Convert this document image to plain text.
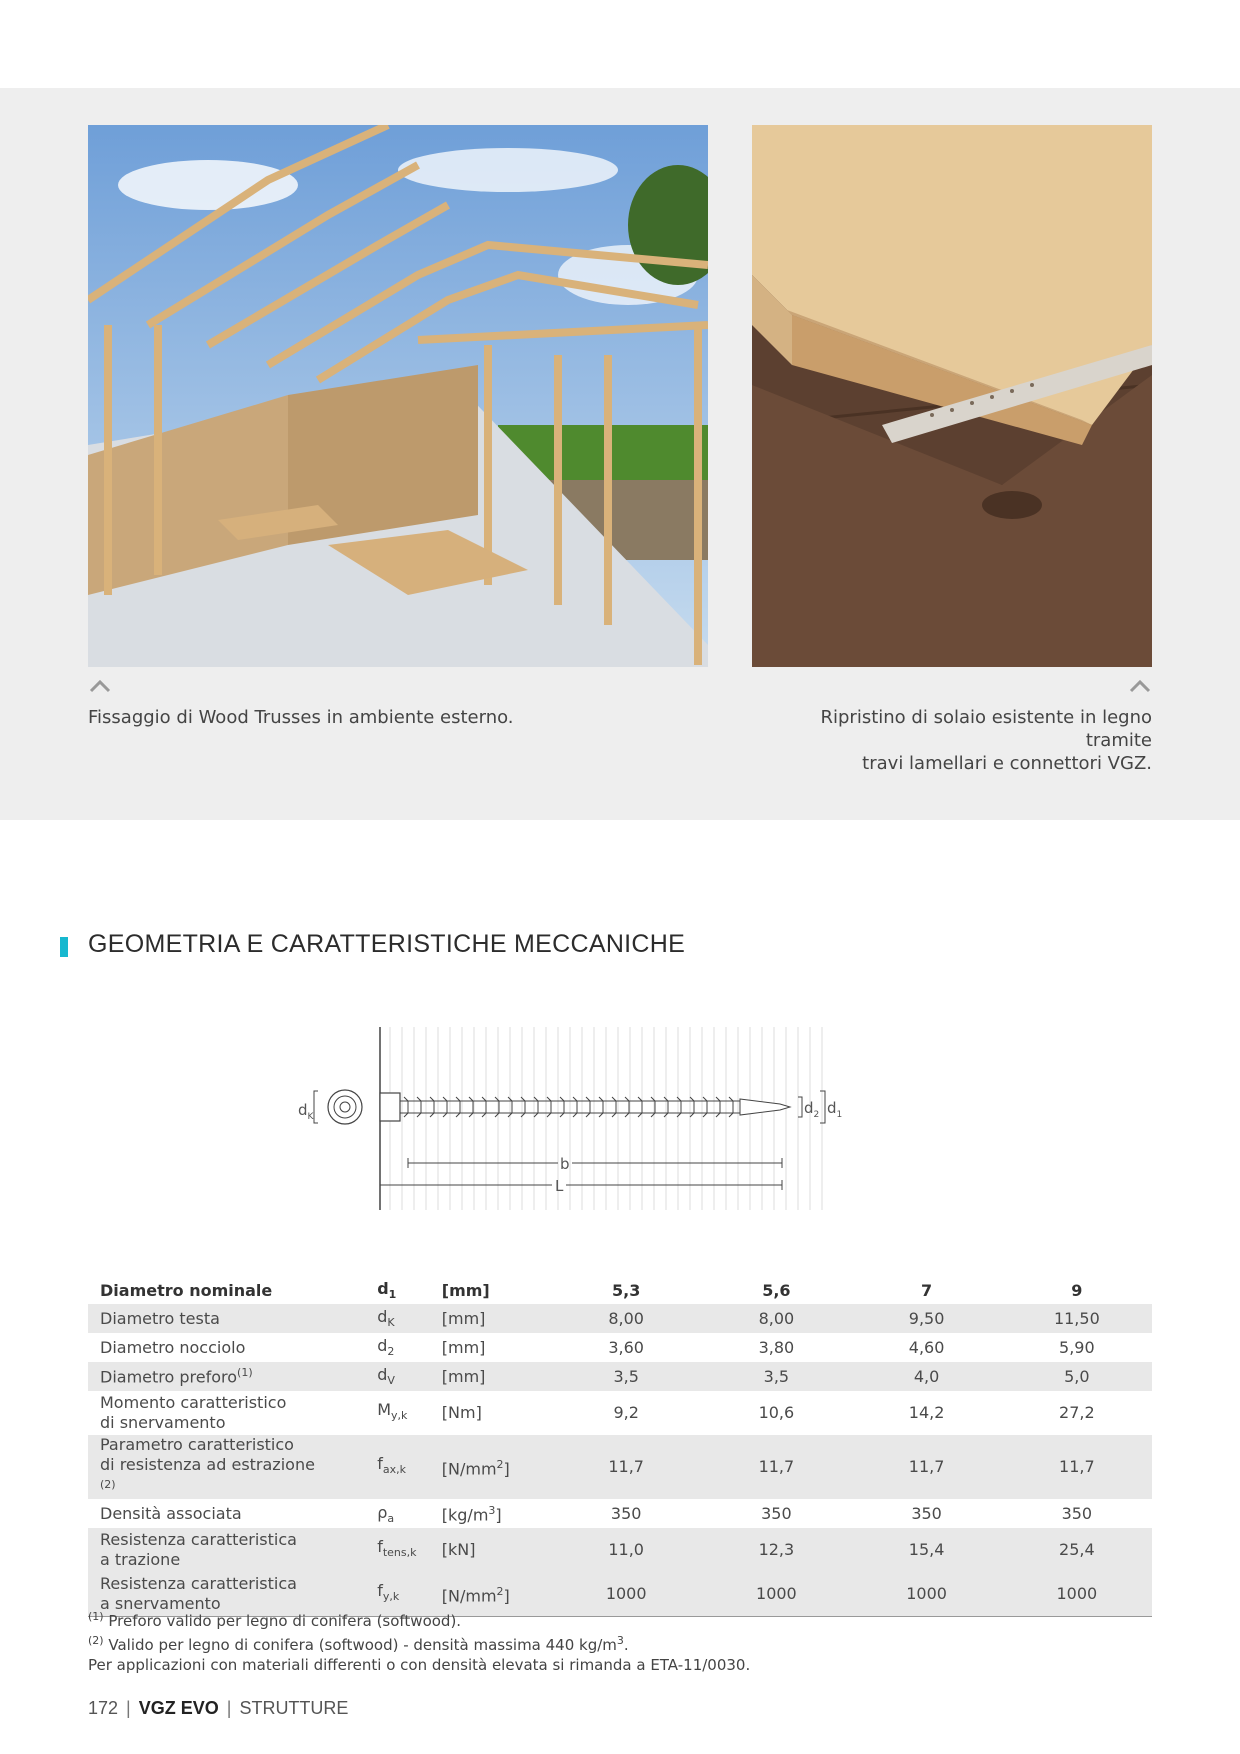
Fissaggio di Wood Trusses in ambiente esterno.	Ripristino di solaio esistente in legno tramite
travi lamellari e connettori VGZ.

GEOMETRIA E CARATTERISTICHE MECCANICHE
$d_K$	$d_2$ $d_1$
b
L
Diametro nominale	$d_1$	[mm]	5,3	5,6	7	9
Diametro testa	$d_K$	[mm]	8,00	8,00	9,50	11,50
Diametro nocciolo	$d_2$	[mm]	3,60	3,80	4,60	5,90
Diametro preforo$^{(1)}$	$d_V$	[mm]	3,5	3,5	4,0	5,0

Momento caratteristico
di snervamento	$M_{y,k}$	[Nm]	9,2	10,6	14,2	27,2

Parametro caratteristico
di resistenza ad estrazione
$^{(2)}$	$f_{ax,k}$	$[N/mm^2]$	11,7	11,7	11,7	11,7
Densità associata	$\rho_a$	$[kg/m^3]$	350	350	350	350

Resistenza caratteristica
a trazione	$f_{tens,k}$	[kN]	11,0	12,3	15,4	25,4

Resistenza caratteristica
a snervamento	$f_{y,k}$	$[N/mm^2]$	1000	1000	1000	1000

$^{(1)}$ Preforo valido per legno di conifera (softwood).

$^{(2)}$ Valido per legno di conifera (softwood) - densità massima 440 $kg/m^3$.

Per applicazioni con materiali differenti o con densità elevata si rimanda a ETA-11/0030.

172 | VGZ EVO | STRUTTURE
